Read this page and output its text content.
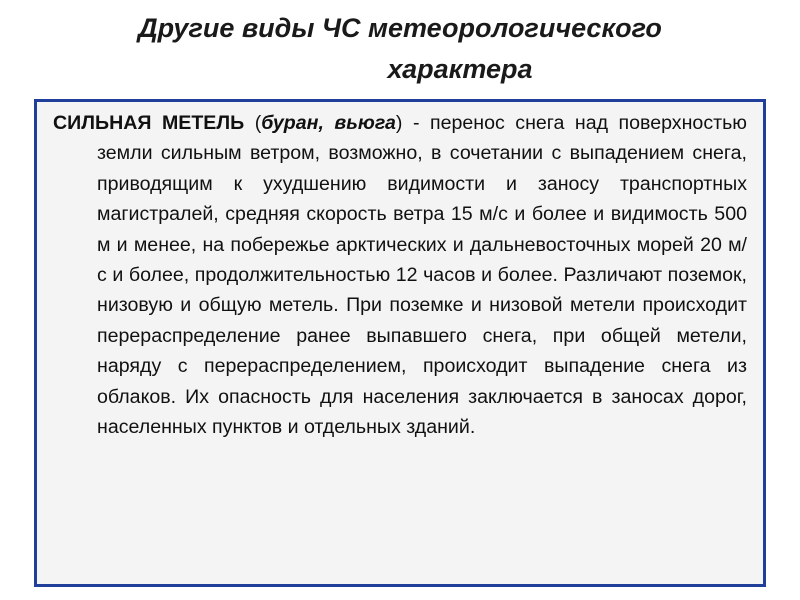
Другие виды ЧС метеорологического
характера

СИЛЬНАЯ МЕТЕЛЬ (буран, вьюга) - перенос снега над поверхностью земли сильным ветром, возможно, в сочетании с выпадением снега, приводящим к ухудшению видимости и заносу транспортных магистралей, средняя скорость ветра 15 м/с и более и видимость 500 м и менее, на побережье арктических и дальневосточных морей 20 м/с и более, продолжительностью 12 часов и более. Различают поземок, низовую и общую метель. При поземке и низовой метели происходит перераспределение ранее выпавшего снега, при общей метели, наряду с перераспределением, происходит выпадение снега из облаков. Их опасность для населения заключается в заносах дорог, населенных пунктов и отдельных зданий.
